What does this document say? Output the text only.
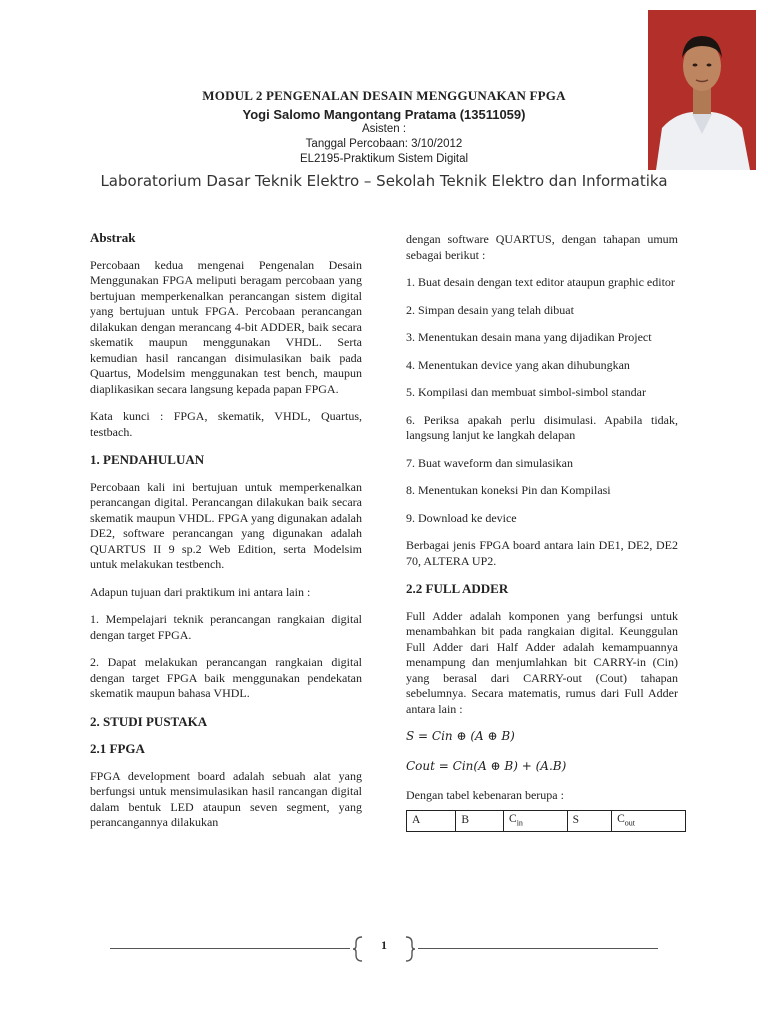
MODUL 2 PENGENALAN DESAIN MENGGUNAKAN FPGA
Yogi Salomo Mangontang Pratama (13511059)
Asisten :
Tanggal Percobaan: 3/10/2012
EL2195-Praktikum Sistem Digital
Laboratorium Dasar Teknik Elektro – Sekolah Teknik Elektro dan Informatika
Abstrak

Percobaan kedua mengenai Pengenalan Desain Menggunakan FPGA meliputi beragam percobaan yang bertujuan memperkenalkan perancangan sistem digital yang bertujuan untuk FPGA. Percobaan perancangan dilakukan dengan merancang 4-bit ADDER, baik secara skematik maupun menggunakan VHDL. Serta kemudian hasil rancangan disimulasikan baik pada Quartus, Modelsim menggunakan test bench, maupun diaplikasikan secara langsung kepada papan FPGA.

Kata kunci : FPGA, skematik, VHDL, Quartus, testbach.

1. PENDAHULUAN

Percobaan kali ini bertujuan untuk memperkenalkan perancangan digital. Perancangan dilakukan baik secara skematik maupun VHDL. FPGA yang digunakan adalah DE2, software perancangan yang digunakan adalah QUARTUS II 9 sp.2 Web Edition, serta Modelsim untuk melakukan testbench.

Adapun tujuan dari praktikum ini antara lain :

1. Mempelajari teknik perancangan rangkaian digital dengan target FPGA.

2. Dapat melakukan perancangan rangkaian digital dengan target FPGA baik menggunakan pendekatan skematik maupun bahasa VHDL.

2. STUDI PUSTAKA
2.1 FPGA

FPGA development board adalah sebuah alat yang berfungsi untuk mensimulasikan hasil rancangan digital dalam bentuk LED ataupun seven segment, yang perancangannya dilakukan

dengan software QUARTUS, dengan tahapan umum sebagai berikut :

1. Buat desain dengan text editor ataupun graphic editor

2. Simpan desain yang telah dibuat

3. Menentukan desain mana yang dijadikan Project

4. Menentukan device yang akan dihubungkan

5. Kompilasi dan membuat simbol-simbol standar

6. Periksa apakah perlu disimulasi. Apabila tidak, langsung lanjut ke langkah delapan

7. Buat waveform dan simulasikan

8. Menentukan koneksi Pin dan Kompilasi

9. Download ke device

Berbagai jenis FPGA board antara lain DE1, DE2, DE2 70, ALTERA UP2.

2.2 FULL ADDER

Full Adder adalah komponen yang berfungsi untuk menambahkan bit pada rangkaian digital. Keunggulan Full Adder dari Half Adder adalah kemampuannya menampung dan menjumlahkan bit CARRY-in (Cin) yang berasal dari CARRY-out (Cout) tahapan sebelumnya. Secara matematis, rumus dari Full Adder antara lain :

S = Cin ⊕ (A ⊕ B)
Cout = Cin(A ⊕ B) + (A.B)

Dengan tabel kebenaran berupa :

A	B	$C_{in}$	S	$C_{out}$
1
